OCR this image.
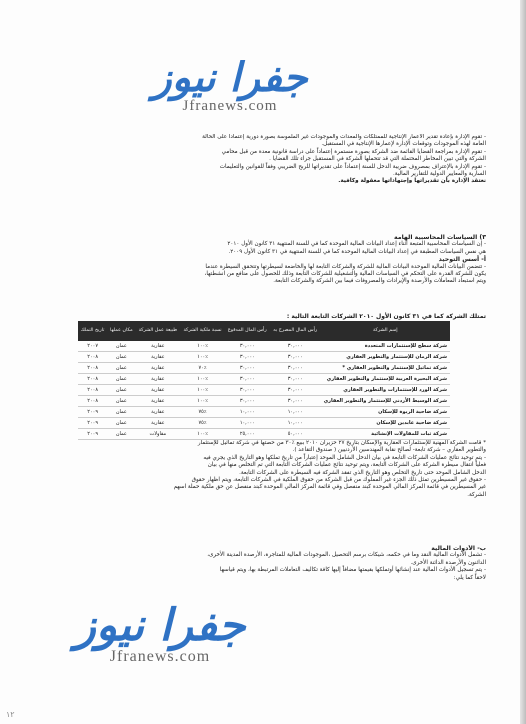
جفرا نيوز
Jfranews.com
- تقوم الإدارة بإعادة تقدير الأعمار الإنتاجية للممتلكات والمعدات والموجودات غير الملموسة بصورة دورية إعتماداً على الحالة
العامة لهذه الموجودات وتوقعات الإدارة لإعمارها الإنتاجية في المستقبل.
- تقوم الإدارة بمراجعة القضايا القائمة ضد الشركة بصورة مستمرة إعتماداً على دراسة قانونية معدة من قبل محامي
الشركة والتي تبين المخاطر المحتملة التي قد تتحملها الشركة في المستقبل جراء تلك القضايا .
- تقوم الإدارة بالإعتراف بمصروف ضريبة الدخل للسنة إعتماداً على تقديراتها للربح الضريبي وفقاً للقوانين والتعليمات
السارية والمعايير الدولية للتقارير المالية.
نعتقد الإدارة بأن تقديراتها وإجتهاداتها معقولة وكافية.
٣) السياسات المحاسبية الهامة
- إن السياسات المحاسبية المتبعة أثناء إعداد البيانات المالية الموحدة كما في للسنة المنتهية ٣١ كانون الأول ٢٠١٠
هي نفس السياسات المطبقة في إعداد البيانات المالية الموحدة كما في للسنة المنتهية في ٣١ كانون الأول ٢٠٠٩.
أ- أسس التوحيد
- تتضمن البيانات المالية الموحدة البيانات المالية للشركة والشركات التابعة لها والخاضعة لسيطرتها وتتحقق السيطرة عندما
يكون للشركة القدرة على التحكم في السياسات المالية والتشغيلية للشركات التابعة وذلك للحصول على منافع من انشطتها،
ويتم استبعاد المعاملات والأرصدة والإيرادات والمصروفات فيما بين الشركة والشركات التابعة.
تمتلك الشركة كما في ٣١ كانون الأول ٢٠١٠ الشركات التابعة التالية :
إسم الشركة	رأس المال المصرح به	رأس المال المدفوع	نسبة ملكية الشركة	طبيعة عمل الشركة	مكان عملها	تاريخ التملك
شركة سطح للإستثمارات المتعددة	٣٠,٠٠٠	٣٠,٠٠٠	٪١٠٠	عقارية	عمان	٢٠٠٧
شركة الرمان للإستثمار والتطوير العقاري	٣٠,٠٠٠	٣٠,٠٠٠	٪١٠٠	عقارية	عمان	٢٠٠٨
شركة تماثيل للإستثمار والتطوير العقاري *	٣٠,٠٠٠	٣٠,٠٠٠	٪٧٠	عقارية	عمان	٢٠٠٨
شركة البحيرة العربية للإستثمار والتطوير العقاري	٣٠,٠٠٠	٣٠,٠٠٠	٪١٠٠	عقارية	عمان	٢٠٠٨
شركة الورد للإستثمارات والتطوير العقاري	٣٠,٠٠٠	٣٠,٠٠٠	٪١٠٠	عقارية	عمان	٢٠٠٨
شركة الوسيط الأردني للإستثمار والتطوير العقاري	٣٠,٠٠٠	٣٠,٠٠٠	٪١٠٠	عقارية	عمان	٢٠٠٨
شركة ضاحية الربوة للإسكان	١٠,٠٠٠	١٠,٠٠٠	٪٧٥	عقارية	عمان	٢٠٠٩
شركة ضاحية عابدين للإسكان	١٠,٠٠٠	١٠,٠٠٠	٪٧٥	عقارية	عمان	٢٠٠٩
شركة ثبات للمقاولات الإنشائية	٥٠,٠٠٠	٢٥,٠٠٠	٪١٠٠	مقاولات	عمان	٢٠٠٩
* قامت الشركة المهنية للإستثمارات العقارية والإسكان بتاريخ ٢٧ حزيران ٢٠١٠ ببيع ٪٣٠ من حصتها في شركة تماثيل للإستثمار
والتطوير العقاري – شركة تابعة- لصالح نقابة المهندسين الأردنيين ( صندوق التقاعد ).
- يتم توحيد نتائج عمليات الشركات التابعة في بيان الدخل الشامل الموحد إعتباراً من تاريخ تملكها وهو التاريخ الذي يجري فيه
فعلياً انتقال سيطرة الشركة على الشركات التابعة، ويتم توحيد نتائج عمليات الشركات التابعة التي تم التخلص منها في بيان
الدخل الشامل الموحد حتى تاريخ التخلص وهو التاريخ الذي تفقد الشركة فيه السيطرة على الشركات التابعة.
- حقوق غير المسيطرين تمثل ذلك الجزء غير المملوك من قبل الشركة من حقوق الملكية في الشركات التابعة، ويتم اظهار حقوق
غير المسيطرين في قائمة المركز المالي الموحدة كبند منفصل وفي قائمة المركز المالي الموحدة كبند منفصل عن حق ملكية حملة اسهم
الشركة.
ب- الأدوات المالية
- تشمل الأدوات المالية النقد وما في حكمه، شيكات برسم التحصيل ،الموجودات المالية للمتاجرة، الأرصدة المدينة الأخرى،
الدائنون والأرصدة الدائنة الأخرى.
- يتم تسجيل الأدوات المالية عند إنشائها أوتملكها بقيمتها مضافاً إليها كافة تكاليف التعاملات المرتبطة بها، ويتم قياسها
لاحقاً كما يلي:
جفرا نيوز
Jfranews.com
١٢
